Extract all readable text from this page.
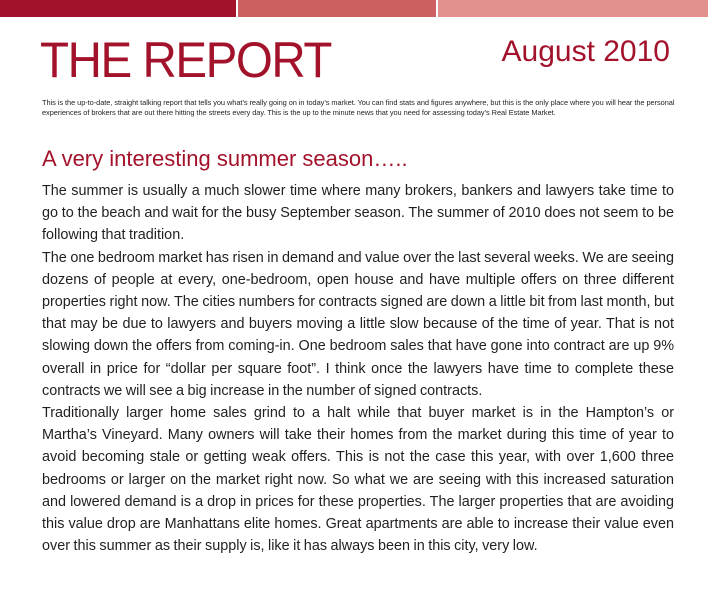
THE REPORT	August 2010

This is the up-to-date, straight talking report that tells you what’s really going on in today’s market. You can find stats and figures anywhere, but this is the only place where you will hear the personal experiences of brokers that are out there hitting the streets every day. This is the up to the minute news that you need for assessing today’s Real Estate Market.

A very interesting summer season…..

The summer is usually a much slower time where many brokers, bankers and lawyers take time to go to the beach and wait for the busy September season. The summer of 2010 does not seem to be following that tradition.

The one bedroom market has risen in demand and value over the last several weeks. We are seeing dozens of people at every, one-bedroom, open house and have multiple offers on three different properties right now. The cities numbers for contracts signed are down a little bit from last month, but that may be due to lawyers and buyers moving a little slow because of the time of year. That is not slowing down the offers from coming-in. One bedroom sales that have gone into contract are up 9% overall in price for “dollar per square foot”. I think once the lawyers have time to complete these contracts we will see a big increase in the number of signed contracts.

Traditionally larger home sales grind to a halt while that buyer market is in the Hampton’s or Martha’s Vineyard. Many owners will take their homes from the market during this time of year to avoid becoming stale or getting weak offers. This is not the case this year, with over 1,600 three bedrooms or larger on the market right now. So what we are seeing with this increased saturation and lowered demand is a drop in prices for these properties. The larger properties that are avoiding this value drop are Manhattans elite homes. Great apartments are able to increase their value even over this summer as their supply is, like it has always been in this city, very low.
